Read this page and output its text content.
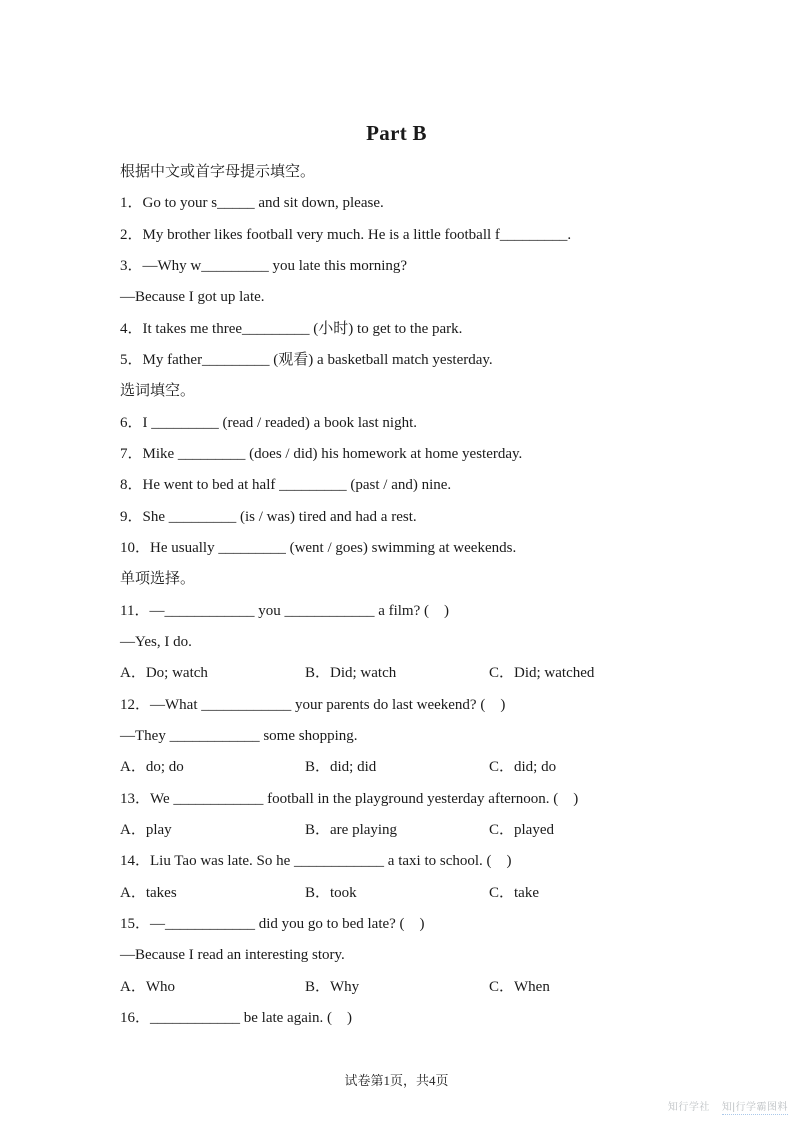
Part B
根据中文或首字母提示填空。
1．Go to your s_____ and sit down, please.
2．My brother likes football very much. He is a little football f_________.
3．—Why w_________ you late this morning?
—Because I got up late.
4．It takes me three_________ (小时) to get to the park.
5．My father_________ (观看) a basketball match yesterday.
选词填空。
6．I _________ (read / readed) a book last night.
7．Mike _________ (does / did) his homework at home yesterday.
8．He went to bed at half _________ (past / and) nine.
9．She _________ (is / was) tired and had a rest.
10．He usually _________ (went / goes) swimming at weekends.
单项选择。
11．—____________ you ____________ a film? (　)
—Yes, I do.
A．Do; watch	B．Did; watch	C．Did; watched
12．—What ____________ your parents do last weekend? (　)
—They ____________ some shopping.
A．do; do	B．did; did	C．did; do
13．We ____________ football in the playground yesterday afternoon. (　)
A．play	B．are playing	C．played
14．Liu Tao was late. So he ____________ a taxi to school. (　)
A．takes	B．took	C．take
15．—____________ did you go to bed late? (　)
—Because I read an interesting story.
A．Who	B．Why	C．When
16．____________ be late again. (　)
试卷第1页，共4页
知行学社 知|行学霸图料
